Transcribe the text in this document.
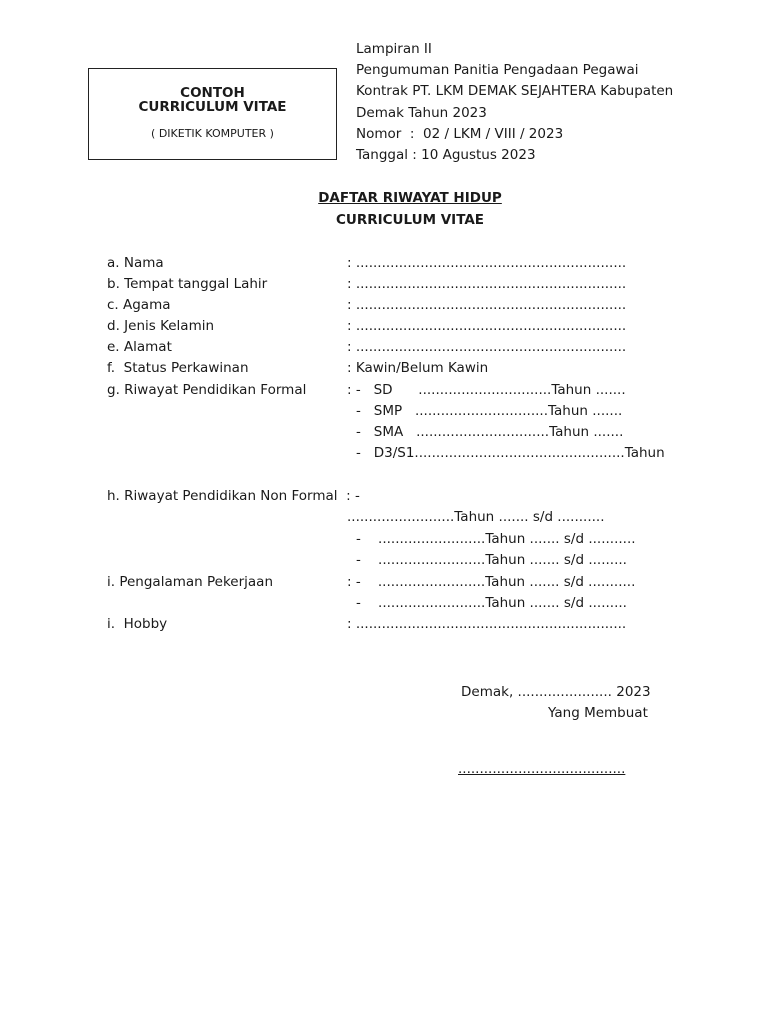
CONTOH
CURRICULUM VITAE
( DIKETIK KOMPUTER )
Lampiran II
Pengumuman Panitia Pengadaan Pegawai
Kontrak PT. LKM DEMAK SEJAHTERA Kabupaten
Demak Tahun 2023
Nomor  :  02 / LKM / VIII / 2023
Tanggal : 10 Agustus 2023
DAFTAR RIWAYAT HIDUP
CURRICULUM VITAE
a. Nama	: ...............................................................
b. Tempat tanggal Lahir	: ...............................................................
c. Agama	: ...............................................................
d. Jenis Kelamin	: ...............................................................
e. Alamat	: ...............................................................
f.  Status Perkawinan	: Kawin/Belum Kawin
g. Riwayat Pendidikan Formal	: -   SD      ...............................Tahun .......
-   SMP   ...............................Tahun .......
-   SMA   ...............................Tahun .......
-   D3/S1.................................................Tahun
h. Riwayat Pendidikan Non Formal  : -
.........................Tahun ....... s/d ...........
-    .........................Tahun ....... s/d ...........
-    .........................Tahun ....... s/d .........
i. Pengalaman Pekerjaan	: -    .........................Tahun ....... s/d ...........
-    .........................Tahun ....... s/d .........
i.  Hobby	: ...............................................................
Demak, ...................... 2023
Yang Membuat
.......................................
